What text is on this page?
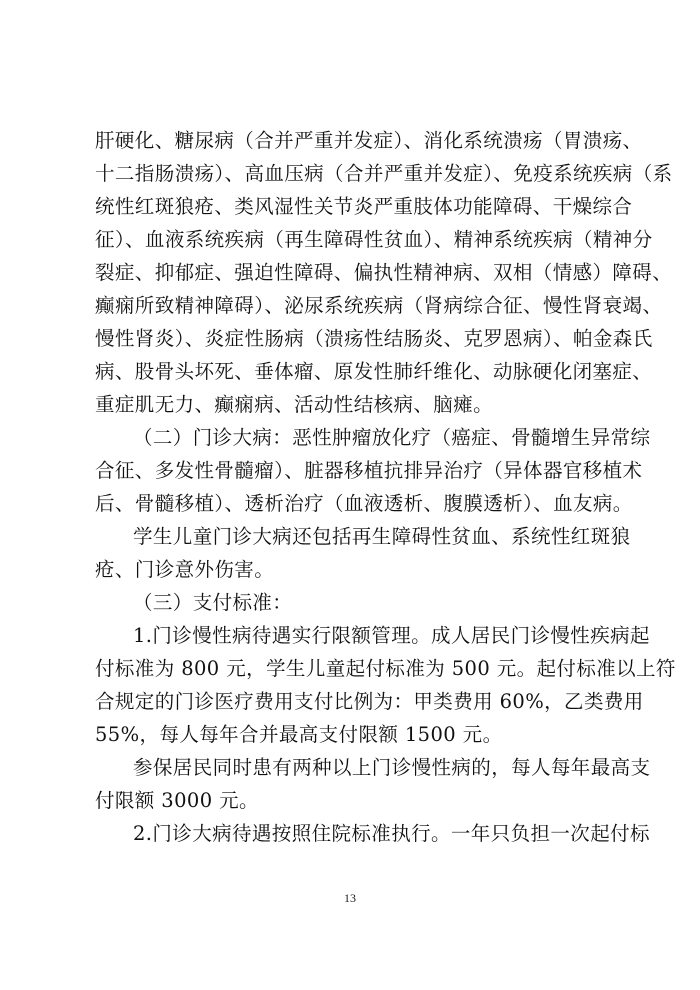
肝硬化、糖尿病（合并严重并发症）、消化系统溃疡（胃溃疡、
十二指肠溃疡）、高血压病（合并严重并发症）、免疫系统疾病（系
统性红斑狼疮、类风湿性关节炎严重肢体功能障碍、干燥综合
征）、血液系统疾病（再生障碍性贫血）、精神系统疾病（精神分
裂症、抑郁症、强迫性障碍、偏执性精神病、双相（情感）障碍、
癫痫所致精神障碍）、泌尿系统疾病（肾病综合征、慢性肾衰竭、
慢性肾炎）、炎症性肠病（溃疡性结肠炎、克罗恩病）、帕金森氏
病、股骨头坏死、垂体瘤、原发性肺纤维化、动脉硬化闭塞症、
重症肌无力、癫痫病、活动性结核病、脑瘫。
（二）门诊大病：恶性肿瘤放化疗（癌症、骨髓增生异常综
合征、多发性骨髓瘤）、脏器移植抗排异治疗（异体器官移植术
后、骨髓移植）、透析治疗（血液透析、腹膜透析）、血友病。
学生儿童门诊大病还包括再生障碍性贫血、系统性红斑狼
疮、门诊意外伤害。
（三）支付标准：
1.门诊慢性病待遇实行限额管理。成人居民门诊慢性疾病起
付标准为 800 元，学生儿童起付标准为 500 元。起付标准以上符
合规定的门诊医疗费用支付比例为：甲类费用 60%，乙类费用
55%，每人每年合并最高支付限额 1500 元。
参保居民同时患有两种以上门诊慢性病的，每人每年最高支
付限额 3000 元。
2.门诊大病待遇按照住院标准执行。一年只负担一次起付标
13
